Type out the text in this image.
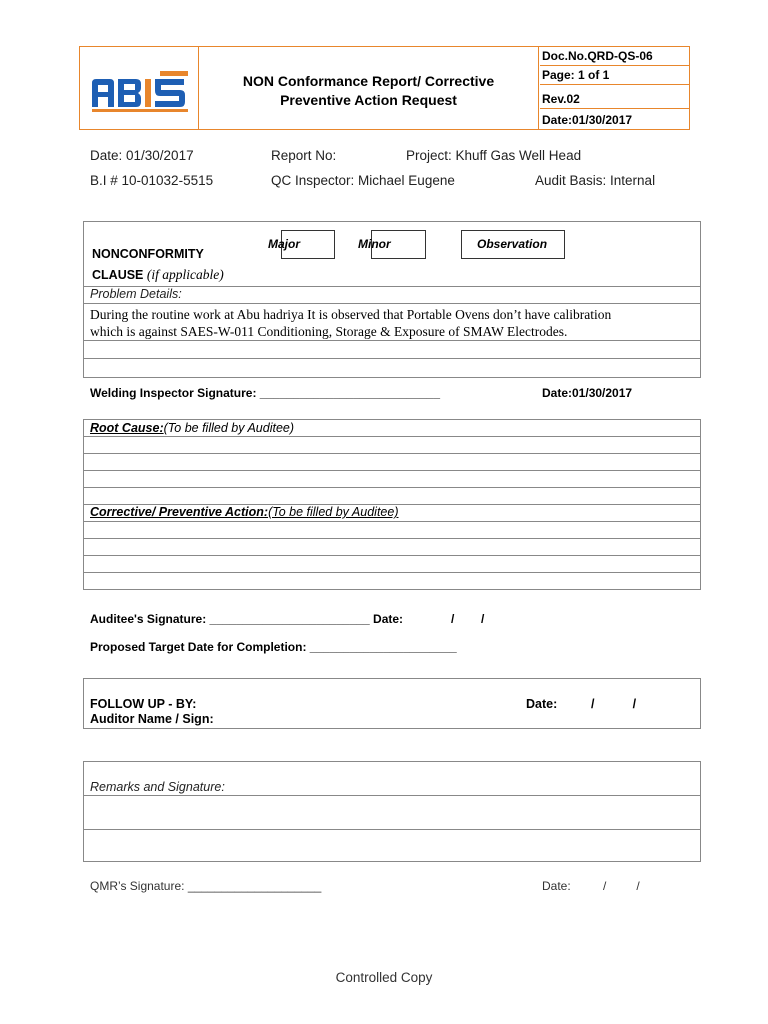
NON Conformance Report/ Corrective
Preventive Action Request
Doc.No.QRD-QS-06
Page: 1 of 1
Rev.02
Date:01/30/2017
Date: 01/30/2017	Report No:	Project: Khuff Gas Well Head
B.I # 10-01032-5515	QC Inspector: Michael Eugene	Audit Basis: Internal
NONCONFORMITY
CLAUSE (if applicable)
Major	Minor	Observation
Problem Details:
During the routine work at Abu hadriya It is observed that Portable Ovens don’t have calibration
which is against SAES-W-011 Conditioning, Storage & Exposure of SMAW Electrodes.
Welding Inspector Signature: ___________________________	Date:01/30/2017
Root Cause:(To be filled by Auditee)
Corrective/ Preventive Action:(To be filled by Auditee)
Auditee's Signature: ________________________ Date:	/        /
Proposed Target Date for Completion: ______________________
FOLLOW UP - BY:
Auditor Name / Sign:
Date:	/           /
Remarks and Signature:
QMR’s Signature: ____________________	Date:	/         /
Controlled Copy
